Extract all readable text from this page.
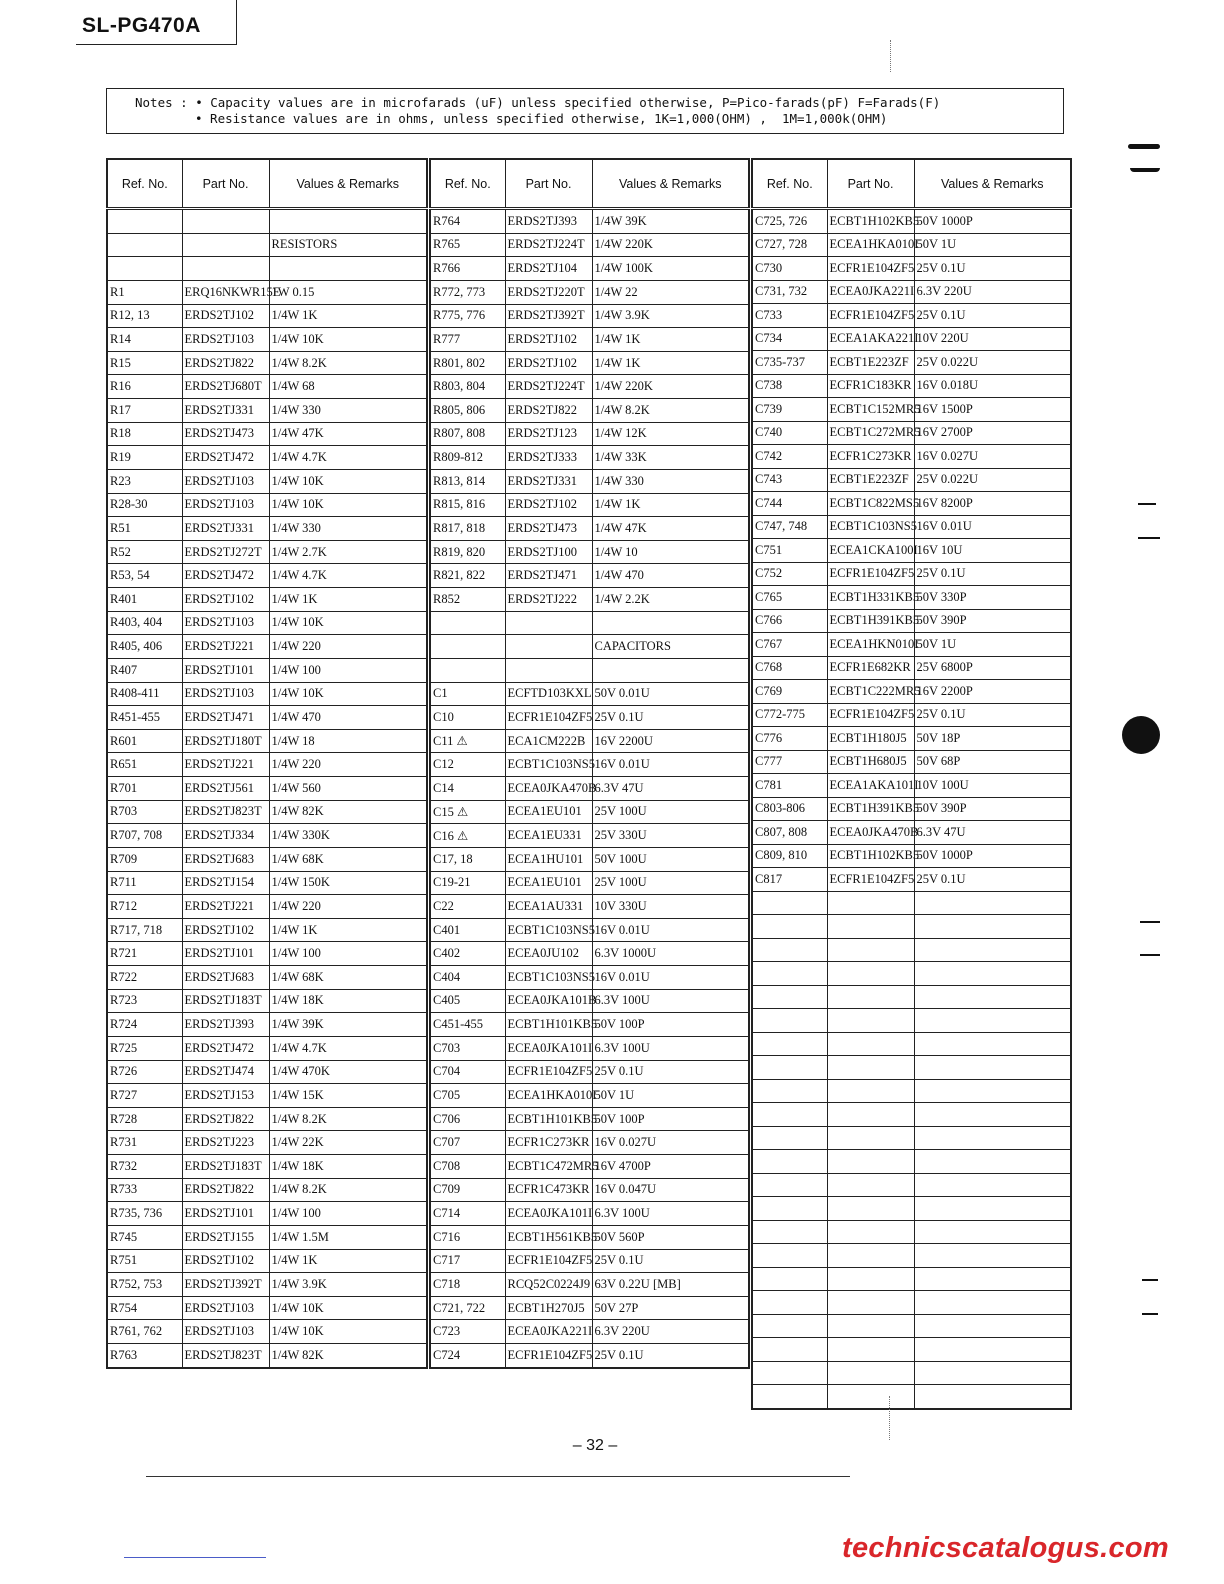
SL-PG470A
Notes : • Capacity values are in microfarads (uF) unless specified otherwise, P=Pico-farads(pF) F=Farads(F)
• Resistance values are in ohms, unless specified otherwise, 1K=1,000(OHM) ,  1M=1,000k(OHM)
Ref. No.	Part No.	Values & Remarks

		RESISTORS

R1	ERQ16NKWR15E	1W 0.15
R12, 13	ERDS2TJ102	1/4W 1K
R14	ERDS2TJ103	1/4W 10K
R15	ERDS2TJ822	1/4W 8.2K
R16	ERDS2TJ680T	1/4W 68
R17	ERDS2TJ331	1/4W 330
R18	ERDS2TJ473	1/4W 47K
R19	ERDS2TJ472	1/4W 4.7K
R23	ERDS2TJ103	1/4W 10K
R28-30	ERDS2TJ103	1/4W 10K
R51	ERDS2TJ331	1/4W 330
R52	ERDS2TJ272T	1/4W 2.7K
R53, 54	ERDS2TJ472	1/4W 4.7K
R401	ERDS2TJ102	1/4W 1K
R403, 404	ERDS2TJ103	1/4W 10K
R405, 406	ERDS2TJ221	1/4W 220
R407	ERDS2TJ101	1/4W 100
R408-411	ERDS2TJ103	1/4W 10K
R451-455	ERDS2TJ471	1/4W 470
R601	ERDS2TJ180T	1/4W 18
R651	ERDS2TJ221	1/4W 220
R701	ERDS2TJ561	1/4W 560
R703	ERDS2TJ823T	1/4W 82K
R707, 708	ERDS2TJ334	1/4W 330K
R709	ERDS2TJ683	1/4W 68K
R711	ERDS2TJ154	1/4W 150K
R712	ERDS2TJ221	1/4W 220
R717, 718	ERDS2TJ102	1/4W 1K
R721	ERDS2TJ101	1/4W 100
R722	ERDS2TJ683	1/4W 68K
R723	ERDS2TJ183T	1/4W 18K
R724	ERDS2TJ393	1/4W 39K
R725	ERDS2TJ472	1/4W 4.7K
R726	ERDS2TJ474	1/4W 470K
R727	ERDS2TJ153	1/4W 15K
R728	ERDS2TJ822	1/4W 8.2K
R731	ERDS2TJ223	1/4W 22K
R732	ERDS2TJ183T	1/4W 18K
R733	ERDS2TJ822	1/4W 8.2K
R735, 736	ERDS2TJ101	1/4W 100
R745	ERDS2TJ155	1/4W 1.5M
R751	ERDS2TJ102	1/4W 1K
R752, 753	ERDS2TJ392T	1/4W 3.9K
R754	ERDS2TJ103	1/4W 10K
R761, 762	ERDS2TJ103	1/4W 10K
R763	ERDS2TJ823T	1/4W 82K
Ref. No.	Part No.	Values & Remarks
R764	ERDS2TJ393	1/4W 39K
R765	ERDS2TJ224T	1/4W 220K
R766	ERDS2TJ104	1/4W 100K
R772, 773	ERDS2TJ220T	1/4W 22
R775, 776	ERDS2TJ392T	1/4W 3.9K
R777	ERDS2TJ102	1/4W 1K
R801, 802	ERDS2TJ102	1/4W 1K
R803, 804	ERDS2TJ224T	1/4W 220K
R805, 806	ERDS2TJ822	1/4W 8.2K
R807, 808	ERDS2TJ123	1/4W 12K
R809-812	ERDS2TJ333	1/4W 33K
R813, 814	ERDS2TJ331	1/4W 330
R815, 816	ERDS2TJ102	1/4W 1K
R817, 818	ERDS2TJ473	1/4W 47K
R819, 820	ERDS2TJ100	1/4W 10
R821, 822	ERDS2TJ471	1/4W 470
R852	ERDS2TJ222	1/4W 2.2K

		CAPACITORS

C1	ECFTD103KXL	50V 0.01U
C10	ECFR1E104ZF5	25V 0.1U
C11 ⚠	ECA1CM222B	16V 2200U
C12	ECBT1C103NS5	16V 0.01U
C14	ECEA0JKA470B	6.3V 47U
C15 ⚠	ECEA1EU101	25V 100U
C16 ⚠	ECEA1EU331	25V 330U
C17, 18	ECEA1HU101	50V 100U
C19-21	ECEA1EU101	25V 100U
C22	ECEA1AU331	10V 330U
C401	ECBT1C103NS5	16V 0.01U
C402	ECEA0JU102	6.3V 1000U
C404	ECBT1C103NS5	16V 0.01U
C405	ECEA0JKA101B	6.3V 100U
C451-455	ECBT1H101KB5	50V 100P
C703	ECEA0JKA101I	6.3V 100U
C704	ECFR1E104ZF5	25V 0.1U
C705	ECEA1HKA010I	50V 1U
C706	ECBT1H101KB5	50V 100P
C707	ECFR1C273KR	16V 0.027U
C708	ECBT1C472MR5	16V 4700P
C709	ECFR1C473KR	16V 0.047U
C714	ECEA0JKA101I	6.3V 100U
C716	ECBT1H561KB5	50V 560P
C717	ECFR1E104ZF5	25V 0.1U
C718	RCQ52C0224J9	63V 0.22U [MB]
C721, 722	ECBT1H270J5	50V 27P
C723	ECEA0JKA221I	6.3V 220U
C724	ECFR1E104ZF5	25V 0.1U
Ref. No.	Part No.	Values & Remarks
C725, 726	ECBT1H102KB5	50V 1000P
C727, 728	ECEA1HKA010I	50V 1U
C730	ECFR1E104ZF5	25V 0.1U
C731, 732	ECEA0JKA221I	6.3V 220U
C733	ECFR1E104ZF5	25V 0.1U
C734	ECEA1AKA221I	10V 220U
C735-737	ECBT1E223ZF	25V 0.022U
C738	ECFR1C183KR	16V 0.018U
C739	ECBT1C152MR5	16V 1500P
C740	ECBT1C272MR5	16V 2700P
C742	ECFR1C273KR	16V 0.027U
C743	ECBT1E223ZF	25V 0.022U
C744	ECBT1C822MS5	16V 8200P
C747, 748	ECBT1C103NS5	16V 0.01U
C751	ECEA1CKA100I	16V 10U
C752	ECFR1E104ZF5	25V 0.1U
C765	ECBT1H331KB5	50V 330P
C766	ECBT1H391KB5	50V 390P
C767	ECEA1HKN010I	50V 1U
C768	ECFR1E682KR	25V 6800P
C769	ECBT1C222MR5	16V 2200P
C772-775	ECFR1E104ZF5	25V 0.1U
C776	ECBT1H180J5	50V 18P
C777	ECBT1H680J5	50V 68P
C781	ECEA1AKA101I	10V 100U
C803-806	ECBT1H391KB5	50V 390P
C807, 808	ECEA0JKA470B	6.3V 47U
C809, 810	ECBT1H102KB5	50V 1000P
C817	ECFR1E104ZF5	25V 0.1U

– 32 –
technicscatalogus.com
